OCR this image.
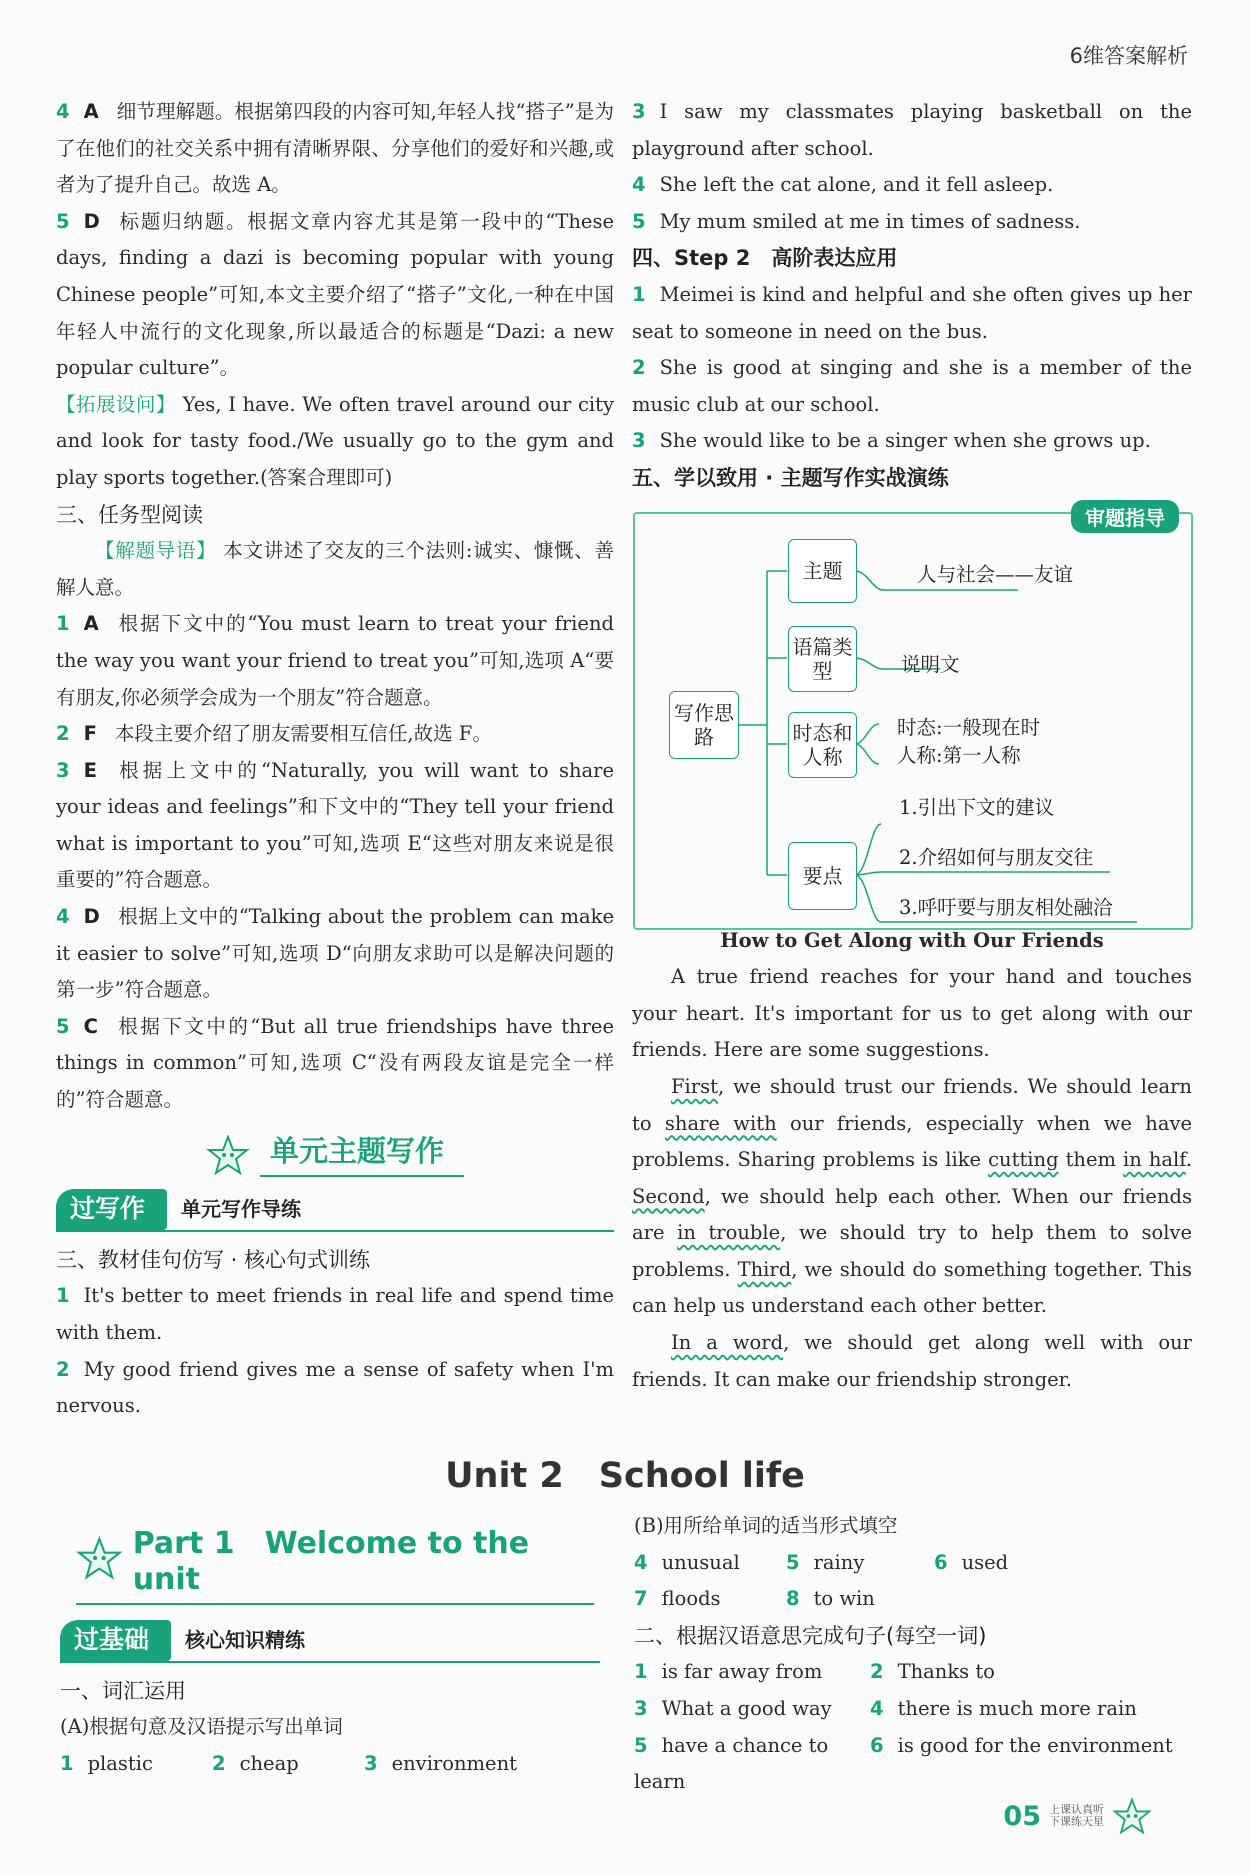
6维答案解析

4 A 细节理解题。根据第四段的内容可知,年轻人找“搭子”是为了在他们的社交关系中拥有清晰界限、分享他们的爱好和兴趣,或者为了提升自己。故选 A。

5 D 标题归纳题。根据文章内容尤其是第一段中的“These days, finding a dazi is becoming popular with young Chinese people”可知,本文主要介绍了“搭子”文化,一种在中国年轻人中流行的文化现象,所以最适合的标题是“Dazi: a new popular culture”。

【拓展设问】 Yes, I have. We often travel around our city and look for tasty food./We usually go to the gym and play sports together.(答案合理即可)

三、任务型阅读

【解题导语】 本文讲述了交友的三个法则:诚实、慷慨、善解人意。

1 A 根据下文中的“You must learn to treat your friend the way you want your friend to treat you”可知,选项 A“要有朋友,你必须学会成为一个朋友”符合题意。

2 F 本段主要介绍了朋友需要相互信任,故选 F。

3 E 根据上文中的“Naturally, you will want to share your ideas and feelings”和下文中的“They tell your friend what is important to you”可知,选项 E“这些对朋友来说是很重要的”符合题意。

4 D 根据上文中的“Talking about the problem can make it easier to solve”可知,选项 D“向朋友求助可以是解决问题的第一步”符合题意。

5 C 根据下文中的“But all true friendships have three things in common”可知,选项 C“没有两段友谊是完全一样的”符合题意。

单元主题写作
过写作	单元写作导练

三、教材佳句仿写 · 核心句式训练

1 It's better to meet friends in real life and spend time with them.

2 My good friend gives me a sense of safety when I'm nervous.

3 I saw my classmates playing basketball on the playground after school.

4 She left the cat alone, and it fell asleep.

5 My mum smiled at me in times of sadness.

四、Step 2　高阶表达应用

1 Meimei is kind and helpful and she often gives up her seat to someone in need on the bus.

2 She is good at singing and she is a member of the music club at our school.

3 She would like to be a singer when she grows up.

五、学以致用 · 主题写作实战演练

How to Get Along with Our Friends

A true friend reaches for your hand and touches your heart. It's important for us to get along with our friends. Here are some suggestions.

First, we should trust our friends. We should learn to share with our friends, especially when we have problems. Sharing problems is like cutting them in half. Second, we should help each other. When our friends are in trouble, we should try to help them to solve problems. Third, we should do something together. This can help us understand each other better.

In a word, we should get along well with our friends. It can make our friendship stronger.

审题指导
写作思路
主题
语篇类型
时态和人称
要点
人与社会——友谊
说明文
时态:一般现在时
人称:第一人称
1.引出下文的建议
2.介绍如何与朋友交往
3.呼吁要与朋友相处融洽
Unit 2　School life
Part 1　Welcome to the unit
过基础	核心知识精练

一、词汇运用

(A)根据句意及汉语提示写出单词

1 plastic	2 cheap	3 environment

(B)用所给单词的适当形式填空

4 unusual	5 rainy	6 used
7 floods	8 to win

二、根据汉语意思完成句子(每空一词)

1 is far away from	2 Thanks to
3 What a good way	4 there is much more rain
5 have a chance to learn
6 is good for the environment
05 上课认真听
下课练天星
